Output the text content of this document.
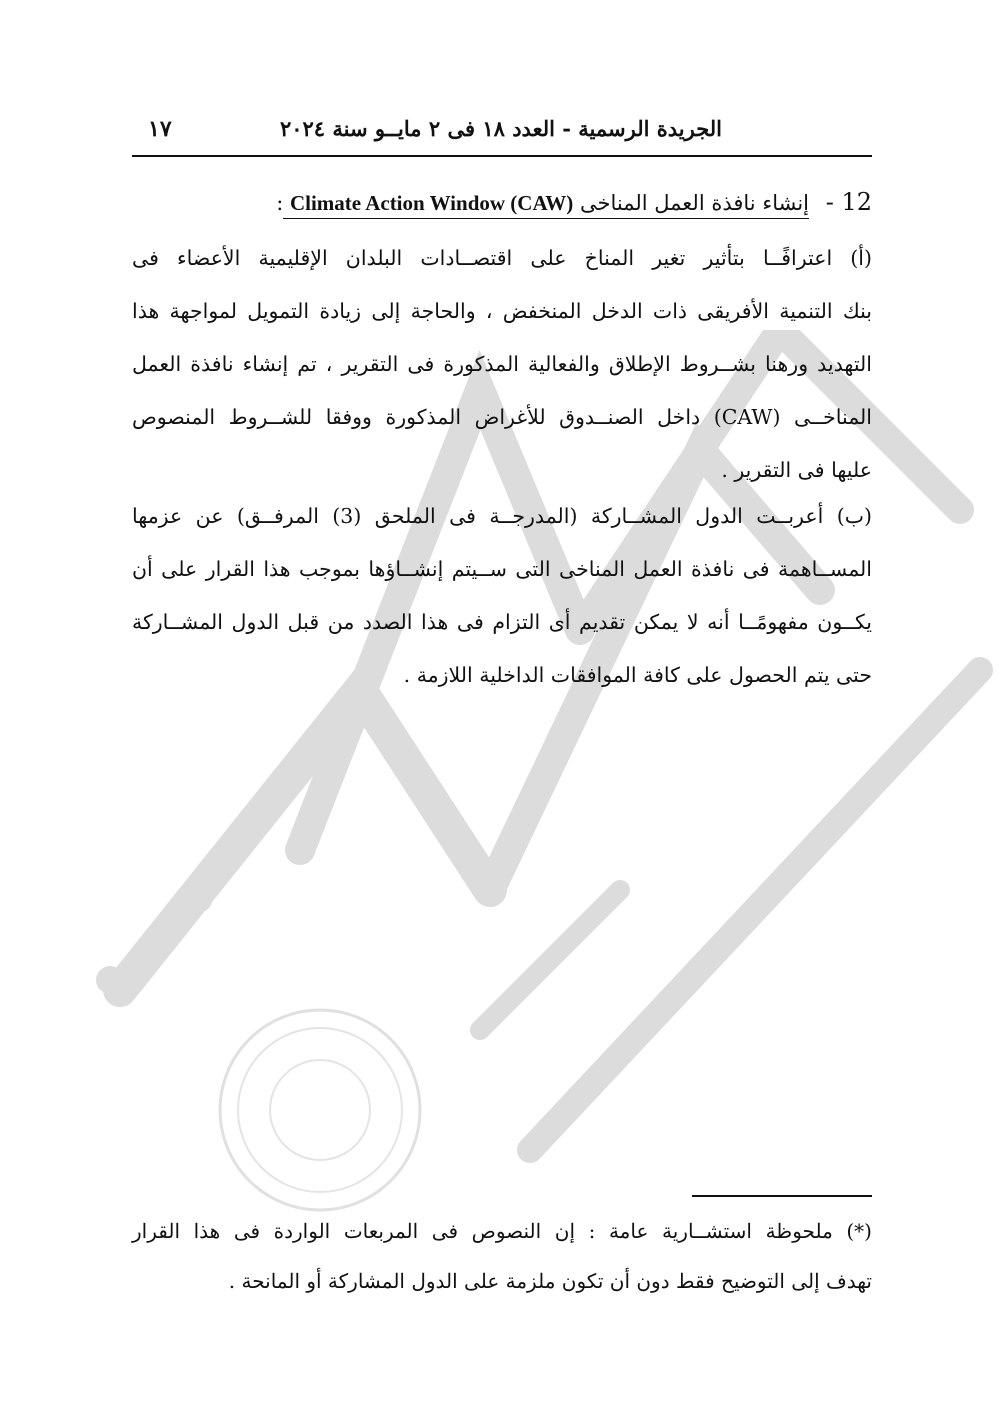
الجريدة الرسمية - العدد ١٨ فى ٢ مايــو سنة ٢٠٢٤
١٧
12 - إنشاء نافذة العمل المناخى Climate Action Window (CAW) :
(أ) اعترافًــا بتأثير تغير المناخ على اقتصــادات البلدان الإقليمية الأعضاء فى
بنك التنمية الأفريقى ذات الدخل المنخفض ، والحاجة إلى زيادة التمويل لمواجهة هذا
التهديد ورهنا بشــروط الإطلاق والفعالية المذكورة فى التقرير ، تم إنشاء نافذة العمل
المناخــى (CAW) داخل الصنــدوق للأغراض المذكورة ووفقا للشــروط المنصوص
عليها فى التقرير .
(ب) أعربــت الدول المشــاركة (المدرجــة فى الملحق (3) المرفــق) عن عزمها
المســاهمة فى نافذة العمل المناخى التى ســيتم إنشــاؤها بموجب هذا القرار على أن
يكــون مفهومًــا أنه لا يمكن تقديم أى التزام فى هذا الصدد من قبل الدول المشــاركة
حتى يتم الحصول على كافة الموافقات الداخلية اللازمة .
(*) ملحوظة استشــارية عامة : إن النصوص فى المربعات الواردة فى هذا القرار
تهدف إلى التوضيح فقط دون أن تكون ملزمة على الدول المشاركة أو المانحة .
